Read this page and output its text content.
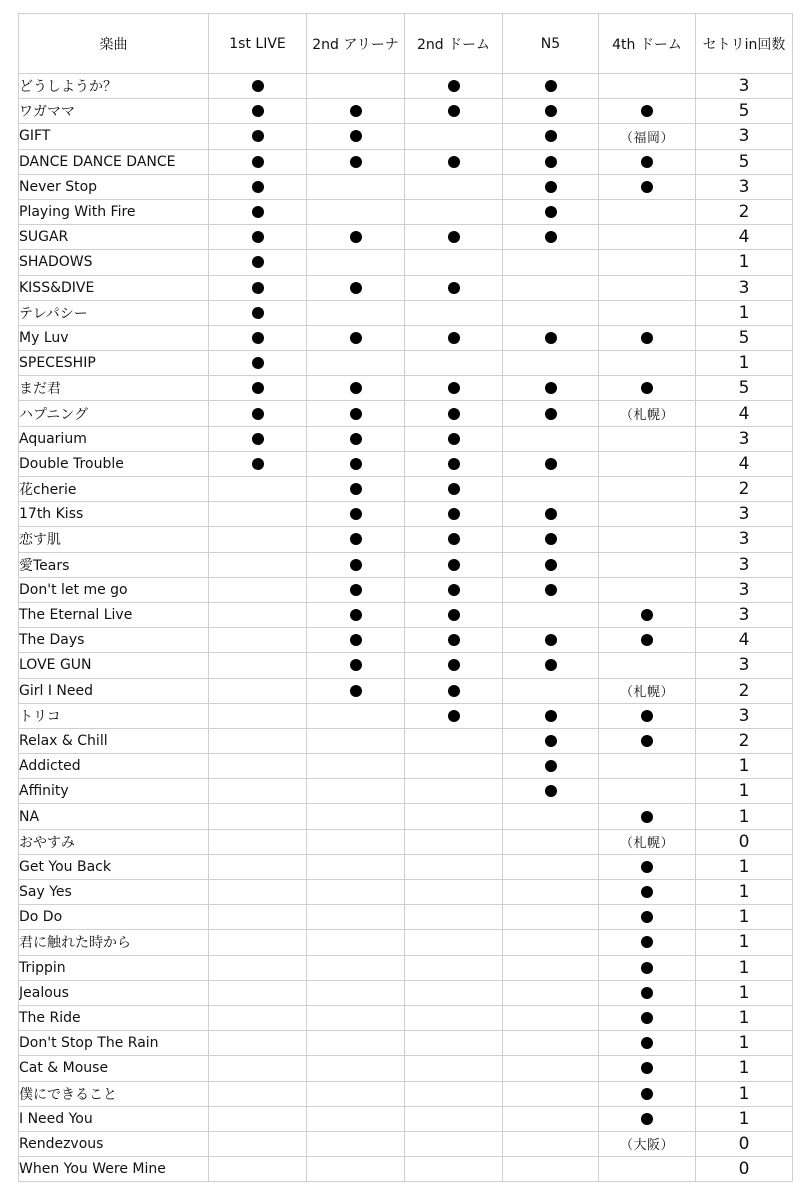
楽曲	1st LIVE	2nd アリーナ	2nd ドーム	N5	4th ドーム	セトリin回数
どうしようか？						3
ワガママ						5
GIFT					（福岡）	3
DANCE DANCE DANCE						5
Never Stop						3
Playing With Fire						2
SUGAR						4
SHADOWS						1
KISS&DIVE						3
テレパシー						1
My Luv						5
SPECESHIP						1
まだ君						5
ハプニング					（札幌）	4
Aquarium						3
Double Trouble						4
花cherie						2
17th Kiss						3
恋す肌						3
愛Tears						3
Don't let me go						3
The Eternal Live						3
The Days						4
LOVE GUN						3
Girl I Need					（札幌）	2
トリコ						3
Relax & Chill						2
Addicted						1
Affinity						1
NA						1
おやすみ					（札幌）	0
Get You Back						1
Say Yes						1
Do Do						1
君に触れた時から						1
Trippin						1
Jealous						1
The Ride						1
Don't Stop The Rain						1
Cat & Mouse						1
僕にできること						1
I Need You						1
Rendezvous					（大阪）	0
When You Were Mine						0
